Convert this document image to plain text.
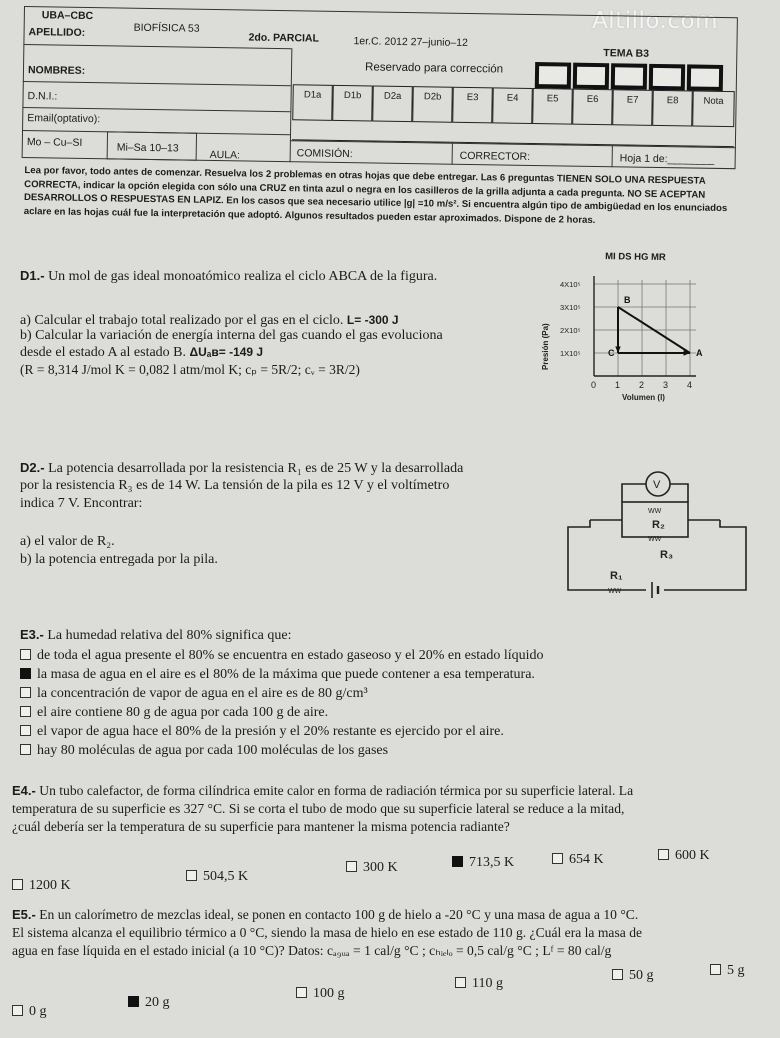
Altillo.com
UBA–CBC
BIOFÍSICA 53
2do. PARCIAL	1er.C. 2012 27–junio–12
TEMA B3
APELLIDO:
NOMBRES:
D.N.I.:
Email(optativo):
Mo – Cu–SI	Mi–Sa 10–13
AULA:
Reservado para corrección
D1a	D1b	D2a	D2b	E3	E4	E5	E6	E7	E8	Nota
COMISIÓN:	CORRECTOR:	Hoja 1 de:________
Lea por favor, todo antes de comenzar. Resuelva los 2 problemas en otras hojas que debe entregar. Las 6 preguntas TIENEN SOLO UNA RESPUESTA CORRECTA, indicar la opción elegida con sólo una CRUZ en tinta azul o negra en los casilleros de la grilla adjunta a cada pregunta. NO SE ACEPTAN DESARROLLOS O RESPUESTAS EN LAPIZ. En los casos que sea necesario utilice |g| =10 m/s². Si encuentra algún tipo de ambigüedad en los enunciados aclare en las hojas cuál fue la interpretación que adoptó. Algunos resultados pueden estar aproximados. Dispone de 2 horas.
MI DS HG MR
D1.- Un mol de gas ideal monoatómico realiza el ciclo ABCA de la figura.
a) Calcular el trabajo total realizado por el gas en el ciclo. L= -300 J
b) Calcular la variación de energía interna del gas cuando el gas evoluciona
desde el estado A al estado B. ΔUₐʙ= -149 J
(R = 8,314 J/mol K = 0,082 l atm/mol K; cₚ = 5R/2; cᵥ = 3R/2)
0 1 2 3 4
1X10⁵
2X10⁵
3X10⁵
4X10⁵
Volumen (l)
Presión (Pa)	A
B
C
D2.- La potencia desarrollada por la resistencia R₁ es de 25 W y la desarrollada
por la resistencia R₃ es de 14 W. La tensión de la pila es 12 V y el voltímetro
indica 7 V. Encontrar:
a) el valor de R₂.
b) la potencia entregada por la pila.
V
WW
R₂
WW
R₃
R₁
WW
E3.- La humedad relativa del 80% significa que:
de toda el agua presente el 80% se encuentra en estado gaseoso y el 20% en estado líquido
la masa de agua en el aire es el 80% de la máxima que puede contener a esa temperatura.
la concentración de vapor de agua en el aire es de 80 g/cm³
el aire contiene 80 g de agua por cada 100 g de aire.
el vapor de agua hace el 80% de la presión y el 20% restante es ejercido por el aire.
hay 80 moléculas de agua por cada 100 moléculas de los gases
E4.- Un tubo calefactor, de forma cilíndrica emite calor en forma de radiación térmica por su superficie lateral. La
temperatura de su superficie es 327 °C. Si se corta el tubo de modo que su superficie lateral se reduce a la mitad,
¿cuál debería ser la temperatura de su superficie para mantener la misma potencia radiante?
1200 K
504,5 K
300 K	713,5 K	654 K	600 K
E5.- En un calorímetro de mezclas ideal, se ponen en contacto 100 g de hielo a -20 °C y una masa de agua a 10 °C.
El sistema alcanza el equilibrio térmico a 0 °C, siendo la masa de hielo en ese estado de 110 g. ¿Cuál era la masa de
agua en fase líquida en el estado inicial (a 10 °C)? Datos: cₐ₉ᵤₐ = 1 cal/g °C ; cₕᵢₑₗₒ = 0,5 cal/g °C ; Lᶠ = 80 cal/g
0 g
20 g
100 g
110 g
50 g	5 g
